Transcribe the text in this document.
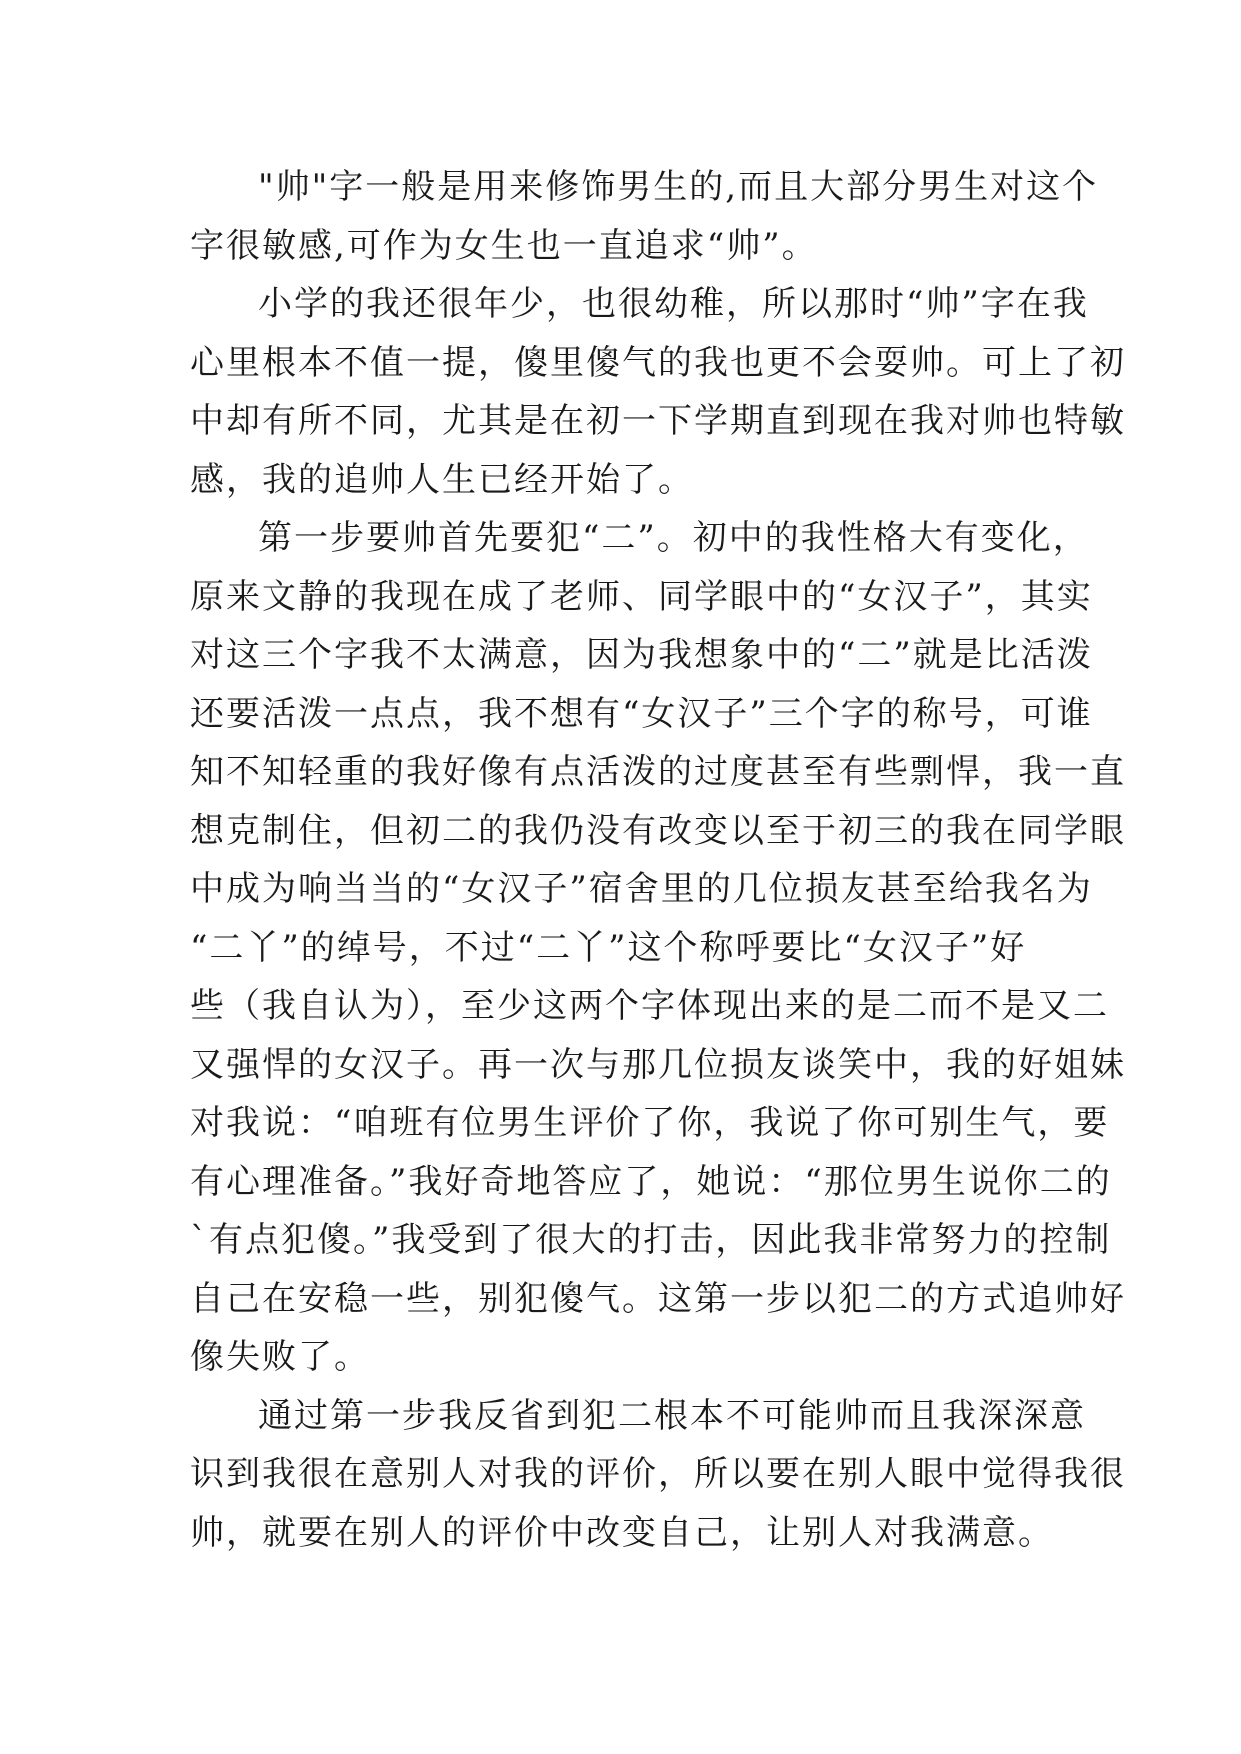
"帅"字一般是用来修饰男生的,而且大部分男生对这个
字很敏感,可作为女生也一直追求“帅”。

小学的我还很年少，也很幼稚，所以那时“帅”字在我
心里根本不值一提，傻里傻气的我也更不会耍帅。可上了初
中却有所不同，尤其是在初一下学期直到现在我对帅也特敏
感，我的追帅人生已经开始了。

第一步要帅首先要犯“二”。初中的我性格大有变化，
原来文静的我现在成了老师、同学眼中的“女汉子”，其实
对这三个字我不太满意，因为我想象中的“二”就是比活泼
还要活泼一点点，我不想有“女汉子”三个字的称号，可谁
知不知轻重的我好像有点活泼的过度甚至有些剽悍，我一直
想克制住，但初二的我仍没有改变以至于初三的我在同学眼
中成为响当当的“女汉子”宿舍里的几位损友甚至给我名为
“二丫”的绰号，不过“二丫”这个称呼要比“女汉子”好
些（我自认为），至少这两个字体现出来的是二而不是又二
又强悍的女汉子。再一次与那几位损友谈笑中，我的好姐妹
对我说：“咱班有位男生评价了你，我说了你可别生气，要
有心理准备。”我好奇地答应了，她说：“那位男生说你二的
`有点犯傻。”我受到了很大的打击，因此我非常努力的控制
自己在安稳一些，别犯傻气。这第一步以犯二的方式追帅好
像失败了。

通过第一步我反省到犯二根本不可能帅而且我深深意
识到我很在意别人对我的评价，所以要在别人眼中觉得我很
帅，就要在别人的评价中改变自己，让别人对我满意。
